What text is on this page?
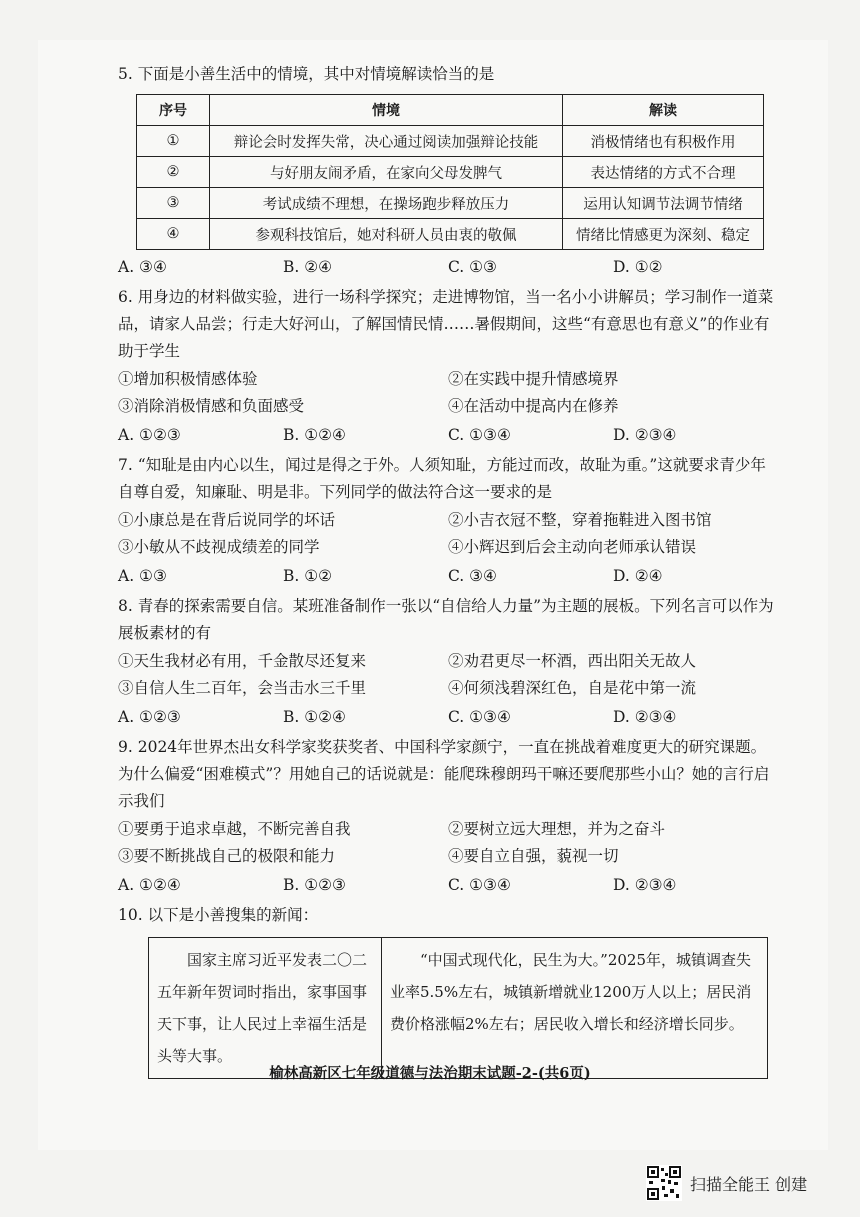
5. 下面是小善生活中的情境，其中对情境解读恰当的是

序号	情境	解读
①	辩论会时发挥失常，决心通过阅读加强辩论技能	消极情绪也有积极作用
②	与好朋友闹矛盾，在家向父母发脾气	表达情绪的方式不合理
③	考试成绩不理想，在操场跑步释放压力	运用认知调节法调节情绪
④	参观科技馆后，她对科研人员由衷的敬佩	情绪比情感更为深刻、稳定
A. ③④	B. ②④	C. ①③	D. ①②

6. 用身边的材料做实验，进行一场科学探究；走进博物馆，当一名小小讲解员；学习制作一道菜品，请家人品尝；行走大好河山，了解国情民情……暑假期间，这些“有意思也有意义”的作业有助于学生

①增加积极情感体验	②在实践中提升情感境界
③消除消极情感和负面感受	④在活动中提高内在修养
A. ①②③	B. ①②④	C. ①③④	D. ②③④

7. “知耻是由内心以生，闻过是得之于外。人须知耻，方能过而改，故耻为重。”这就要求青少年自尊自爱，知廉耻、明是非。下列同学的做法符合这一要求的是

①小康总是在背后说同学的坏话	②小吉衣冠不整，穿着拖鞋进入图书馆
③小敏从不歧视成绩差的同学	④小辉迟到后会主动向老师承认错误
A. ①③	B. ①②	C. ③④	D. ②④

8. 青春的探索需要自信。某班准备制作一张以“自信给人力量”为主题的展板。下列名言可以作为展板素材的有

①天生我材必有用，千金散尽还复来	②劝君更尽一杯酒，西出阳关无故人
③自信人生二百年，会当击水三千里	④何须浅碧深红色，自是花中第一流
A. ①②③	B. ①②④	C. ①③④	D. ②③④

9. 2024年世界杰出女科学家奖获奖者、中国科学家颜宁，一直在挑战着难度更大的研究课题。为什么偏爱“困难模式”？用她自己的话说就是：能爬珠穆朗玛干嘛还要爬那些小山？她的言行启示我们

①要勇于追求卓越，不断完善自我	②要树立远大理想，并为之奋斗
③要不断挑战自己的极限和能力	④要自立自强，藐视一切
A. ①②④	B. ①②③	C. ①③④	D. ②③④

10. 以下是小善搜集的新闻：

国家主席习近平发表二〇二五年新年贺词时指出，家事国事天下事，让人民过上幸福生活是头等大事。	“中国式现代化，民生为大。”2025年，城镇调查失业率5.5%左右，城镇新增就业1200万人以上；居民消费价格涨幅2%左右；居民收入增长和经济增长同步。
榆林高新区七年级道德与法治期末试题-2-(共6页)
扫描全能王 创建
